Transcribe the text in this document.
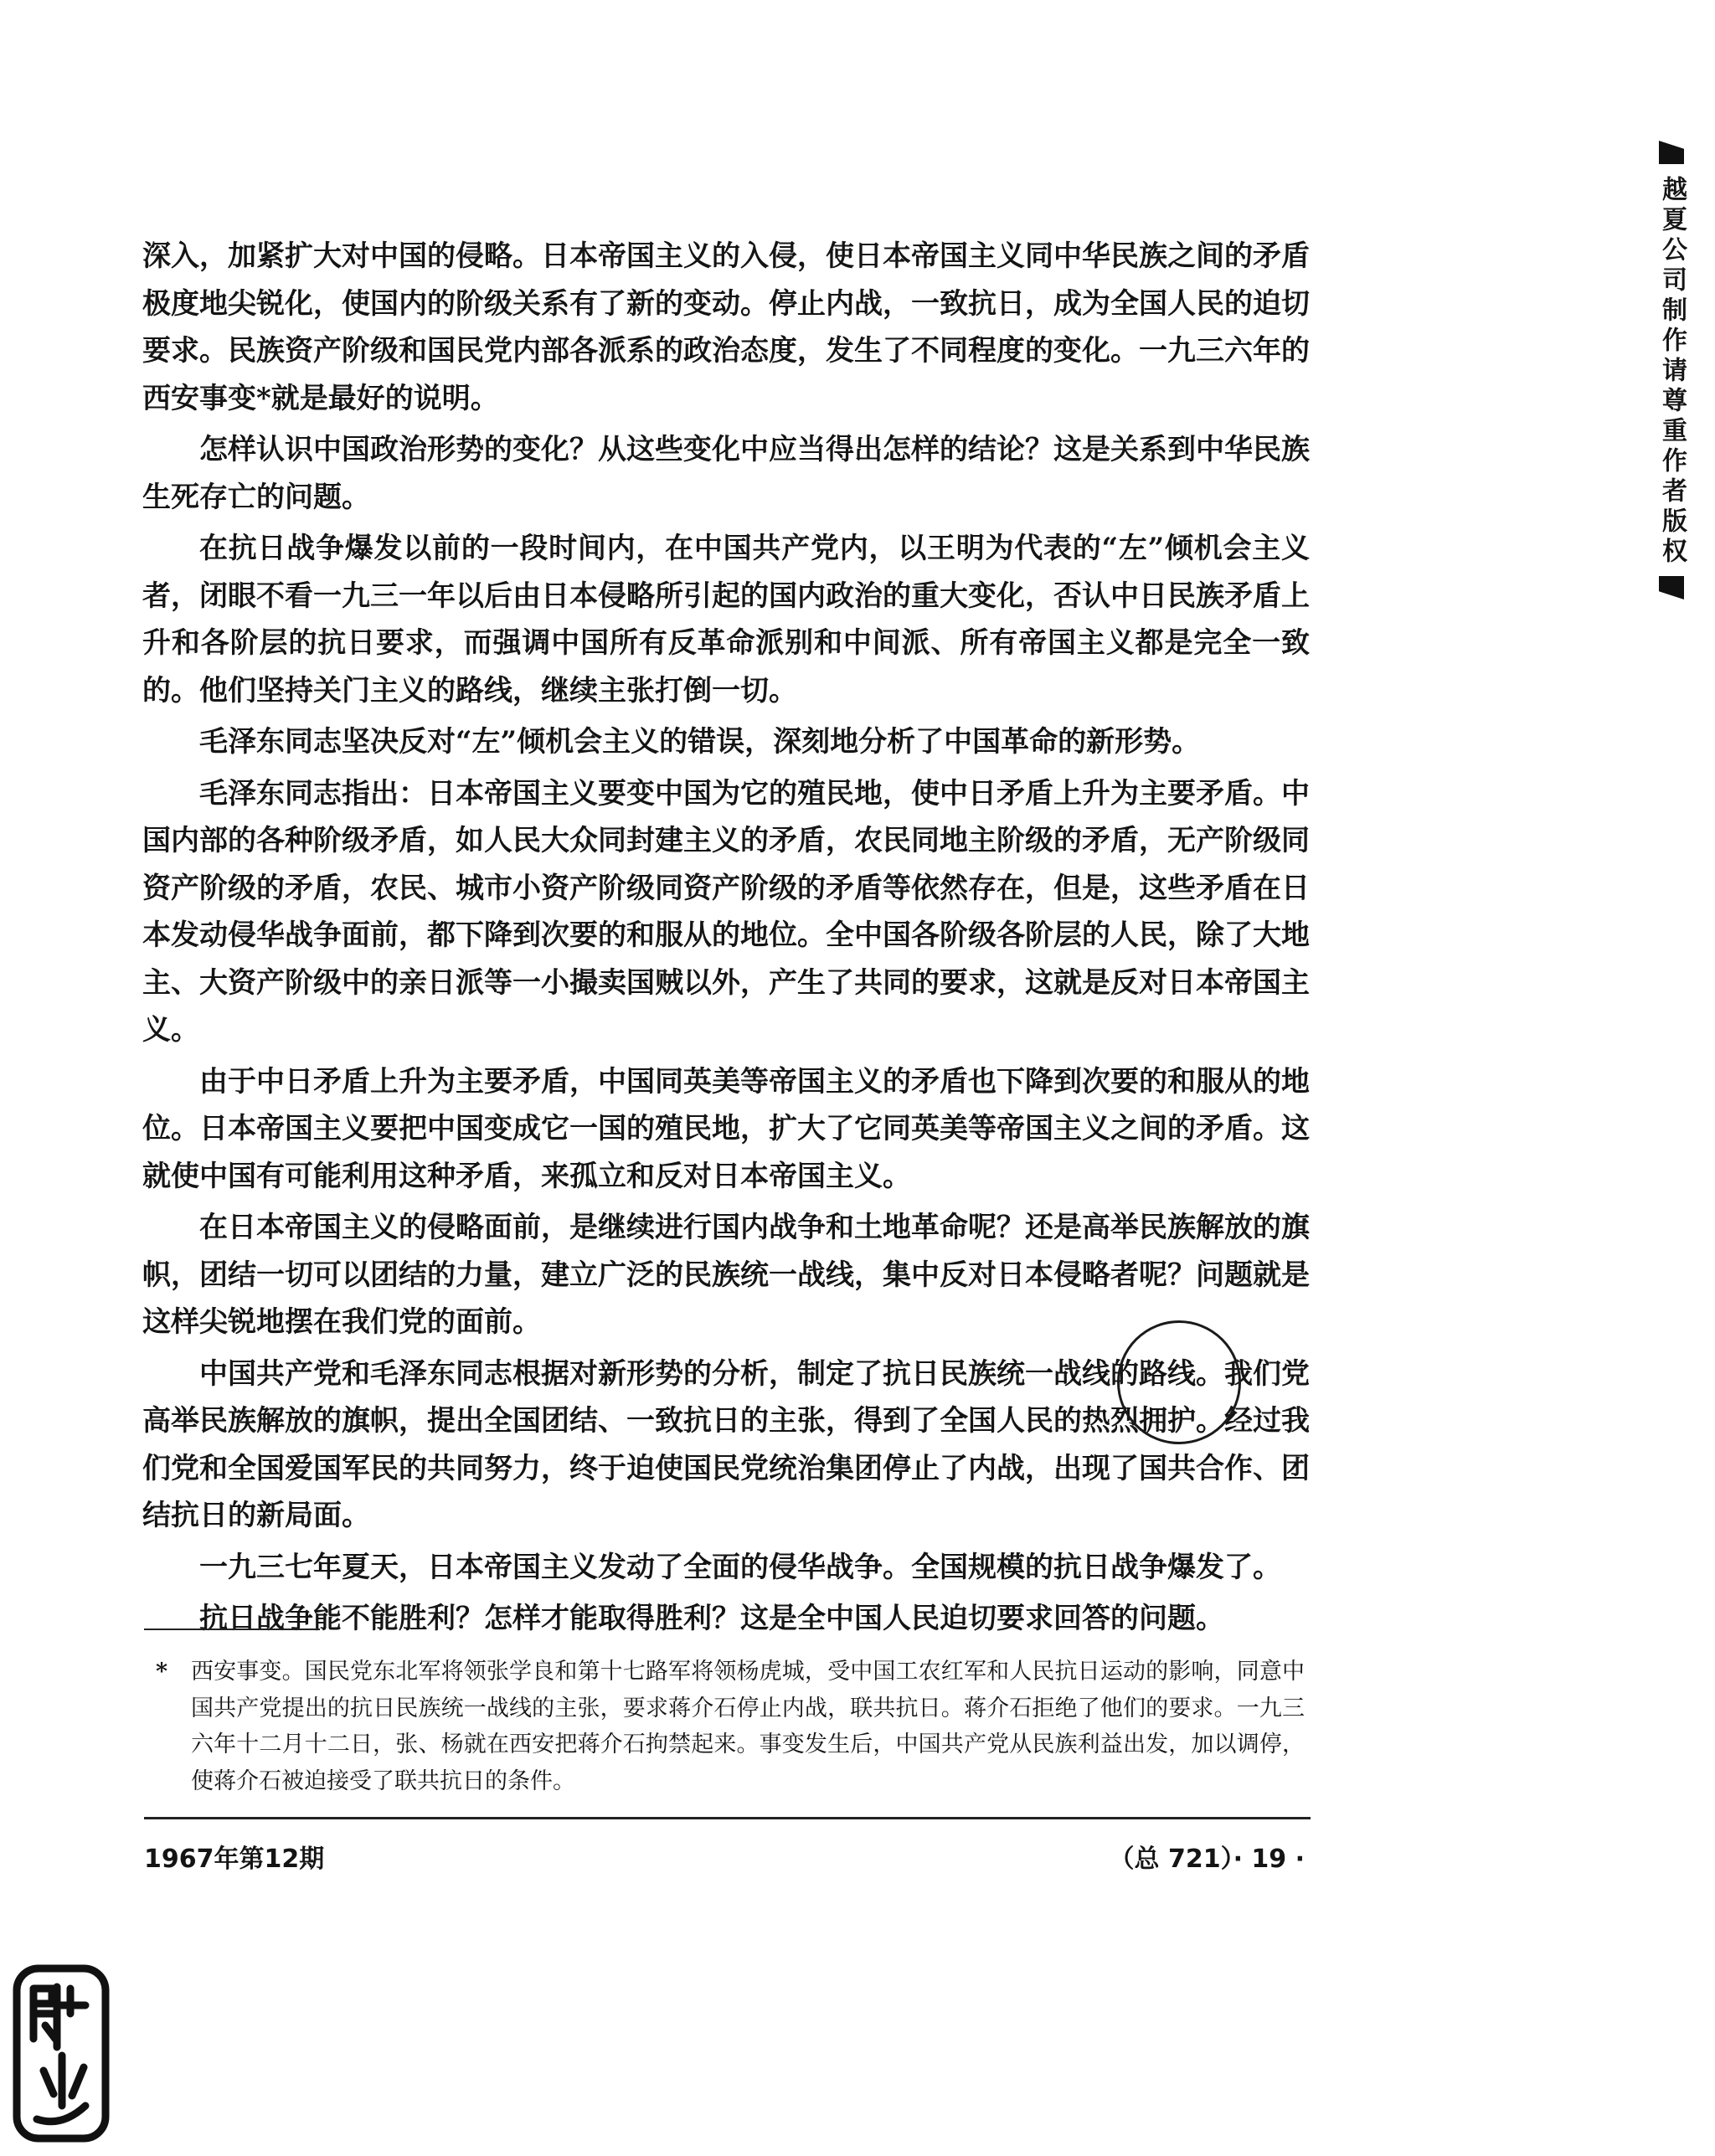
越夏公司制作请尊重作者版权

深入，加紧扩大对中国的侵略。日本帝国主义的入侵，使日本帝国主义同中华民族之间的矛盾极度地尖锐化，使国内的阶级关系有了新的变动。停止内战，一致抗日，成为全国人民的迫切要求。民族资产阶级和国民党内部各派系的政治态度，发生了不同程度的变化。一九三六年的西安事变*就是最好的说明。

怎样认识中国政治形势的变化？从这些变化中应当得出怎样的结论？这是关系到中华民族生死存亡的问题。

在抗日战争爆发以前的一段时间内，在中国共产党内，以王明为代表的“左”倾机会主义者，闭眼不看一九三一年以后由日本侵略所引起的国内政治的重大变化，否认中日民族矛盾上升和各阶层的抗日要求，而强调中国所有反革命派别和中间派、所有帝国主义都是完全一致的。他们坚持关门主义的路线，继续主张打倒一切。

毛泽东同志坚决反对“左”倾机会主义的错误，深刻地分析了中国革命的新形势。

毛泽东同志指出：日本帝国主义要变中国为它的殖民地，使中日矛盾上升为主要矛盾。中国内部的各种阶级矛盾，如人民大众同封建主义的矛盾，农民同地主阶级的矛盾，无产阶级同资产阶级的矛盾，农民、城市小资产阶级同资产阶级的矛盾等依然存在，但是，这些矛盾在日本发动侵华战争面前，都下降到次要的和服从的地位。全中国各阶级各阶层的人民，除了大地主、大资产阶级中的亲日派等一小撮卖国贼以外，产生了共同的要求，这就是反对日本帝国主义。

由于中日矛盾上升为主要矛盾，中国同英美等帝国主义的矛盾也下降到次要的和服从的地位。日本帝国主义要把中国变成它一国的殖民地，扩大了它同英美等帝国主义之间的矛盾。这就使中国有可能利用这种矛盾，来孤立和反对日本帝国主义。

在日本帝国主义的侵略面前，是继续进行国内战争和土地革命呢？还是高举民族解放的旗帜，团结一切可以团结的力量，建立广泛的民族统一战线，集中反对日本侵略者呢？问题就是这样尖锐地摆在我们党的面前。

中国共产党和毛泽东同志根据对新形势的分析，制定了抗日民族统一战线的路线。我们党高举民族解放的旗帜，提出全国团结、一致抗日的主张，得到了全国人民的热烈拥护。经过我们党和全国爱国军民的共同努力，终于迫使国民党统治集团停止了内战，出现了国共合作、团结抗日的新局面。

一九三七年夏天，日本帝国主义发动了全面的侵华战争。全国规模的抗日战争爆发了。

抗日战争能不能胜利？怎样才能取得胜利？这是全中国人民迫切要求回答的问题。

* 西安事变。国民党东北军将领张学良和第十七路军将领杨虎城，受中国工农红军和人民抗日运动的影响，同意中国共产党提出的抗日民族统一战线的主张，要求蒋介石停止内战，联共抗日。蒋介石拒绝了他们的要求。一九三六年十二月十二日，张、杨就在西安把蒋介石拘禁起来。事变发生后，中国共产党从民族利益出发，加以调停，使蒋介石被迫接受了联共抗日的条件。
1967年第12期	（总 721）· 19 ·
